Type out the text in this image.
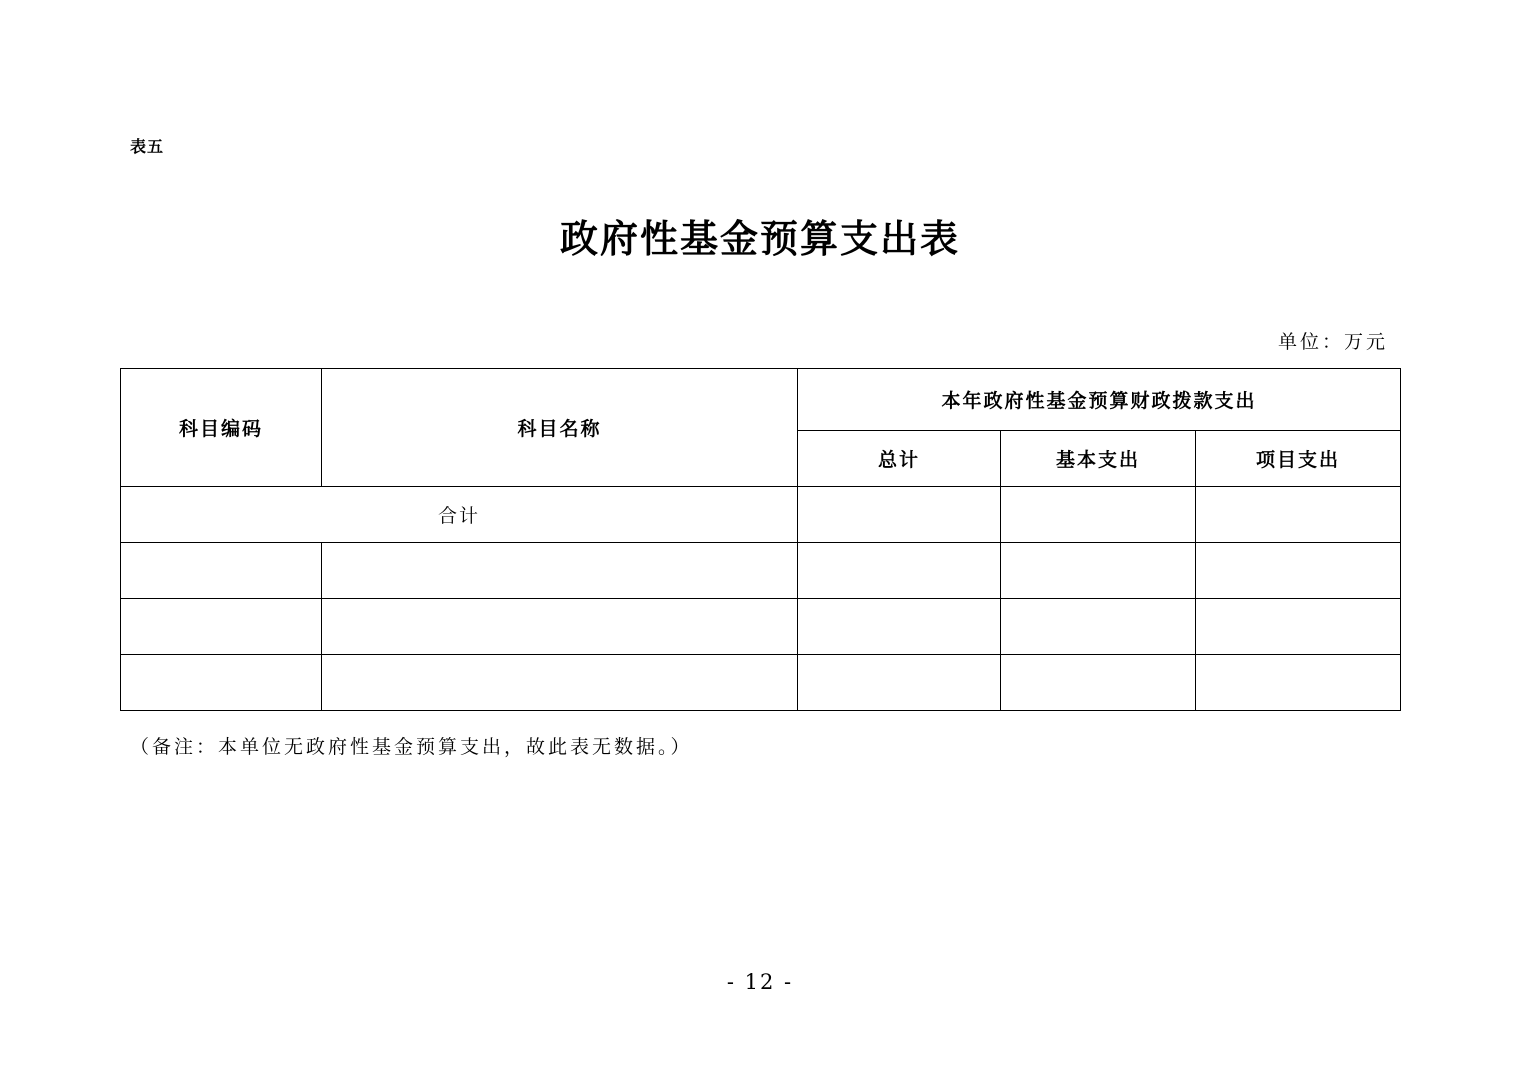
表五
政府性基金预算支出表
单位：万元
科目编码	科目名称	本年政府性基金预算财政拨款支出		
		总计	基本支出	项目支出
合计				

（备注：本单位无政府性基金预算支出，故此表无数据。）
- 12 -
